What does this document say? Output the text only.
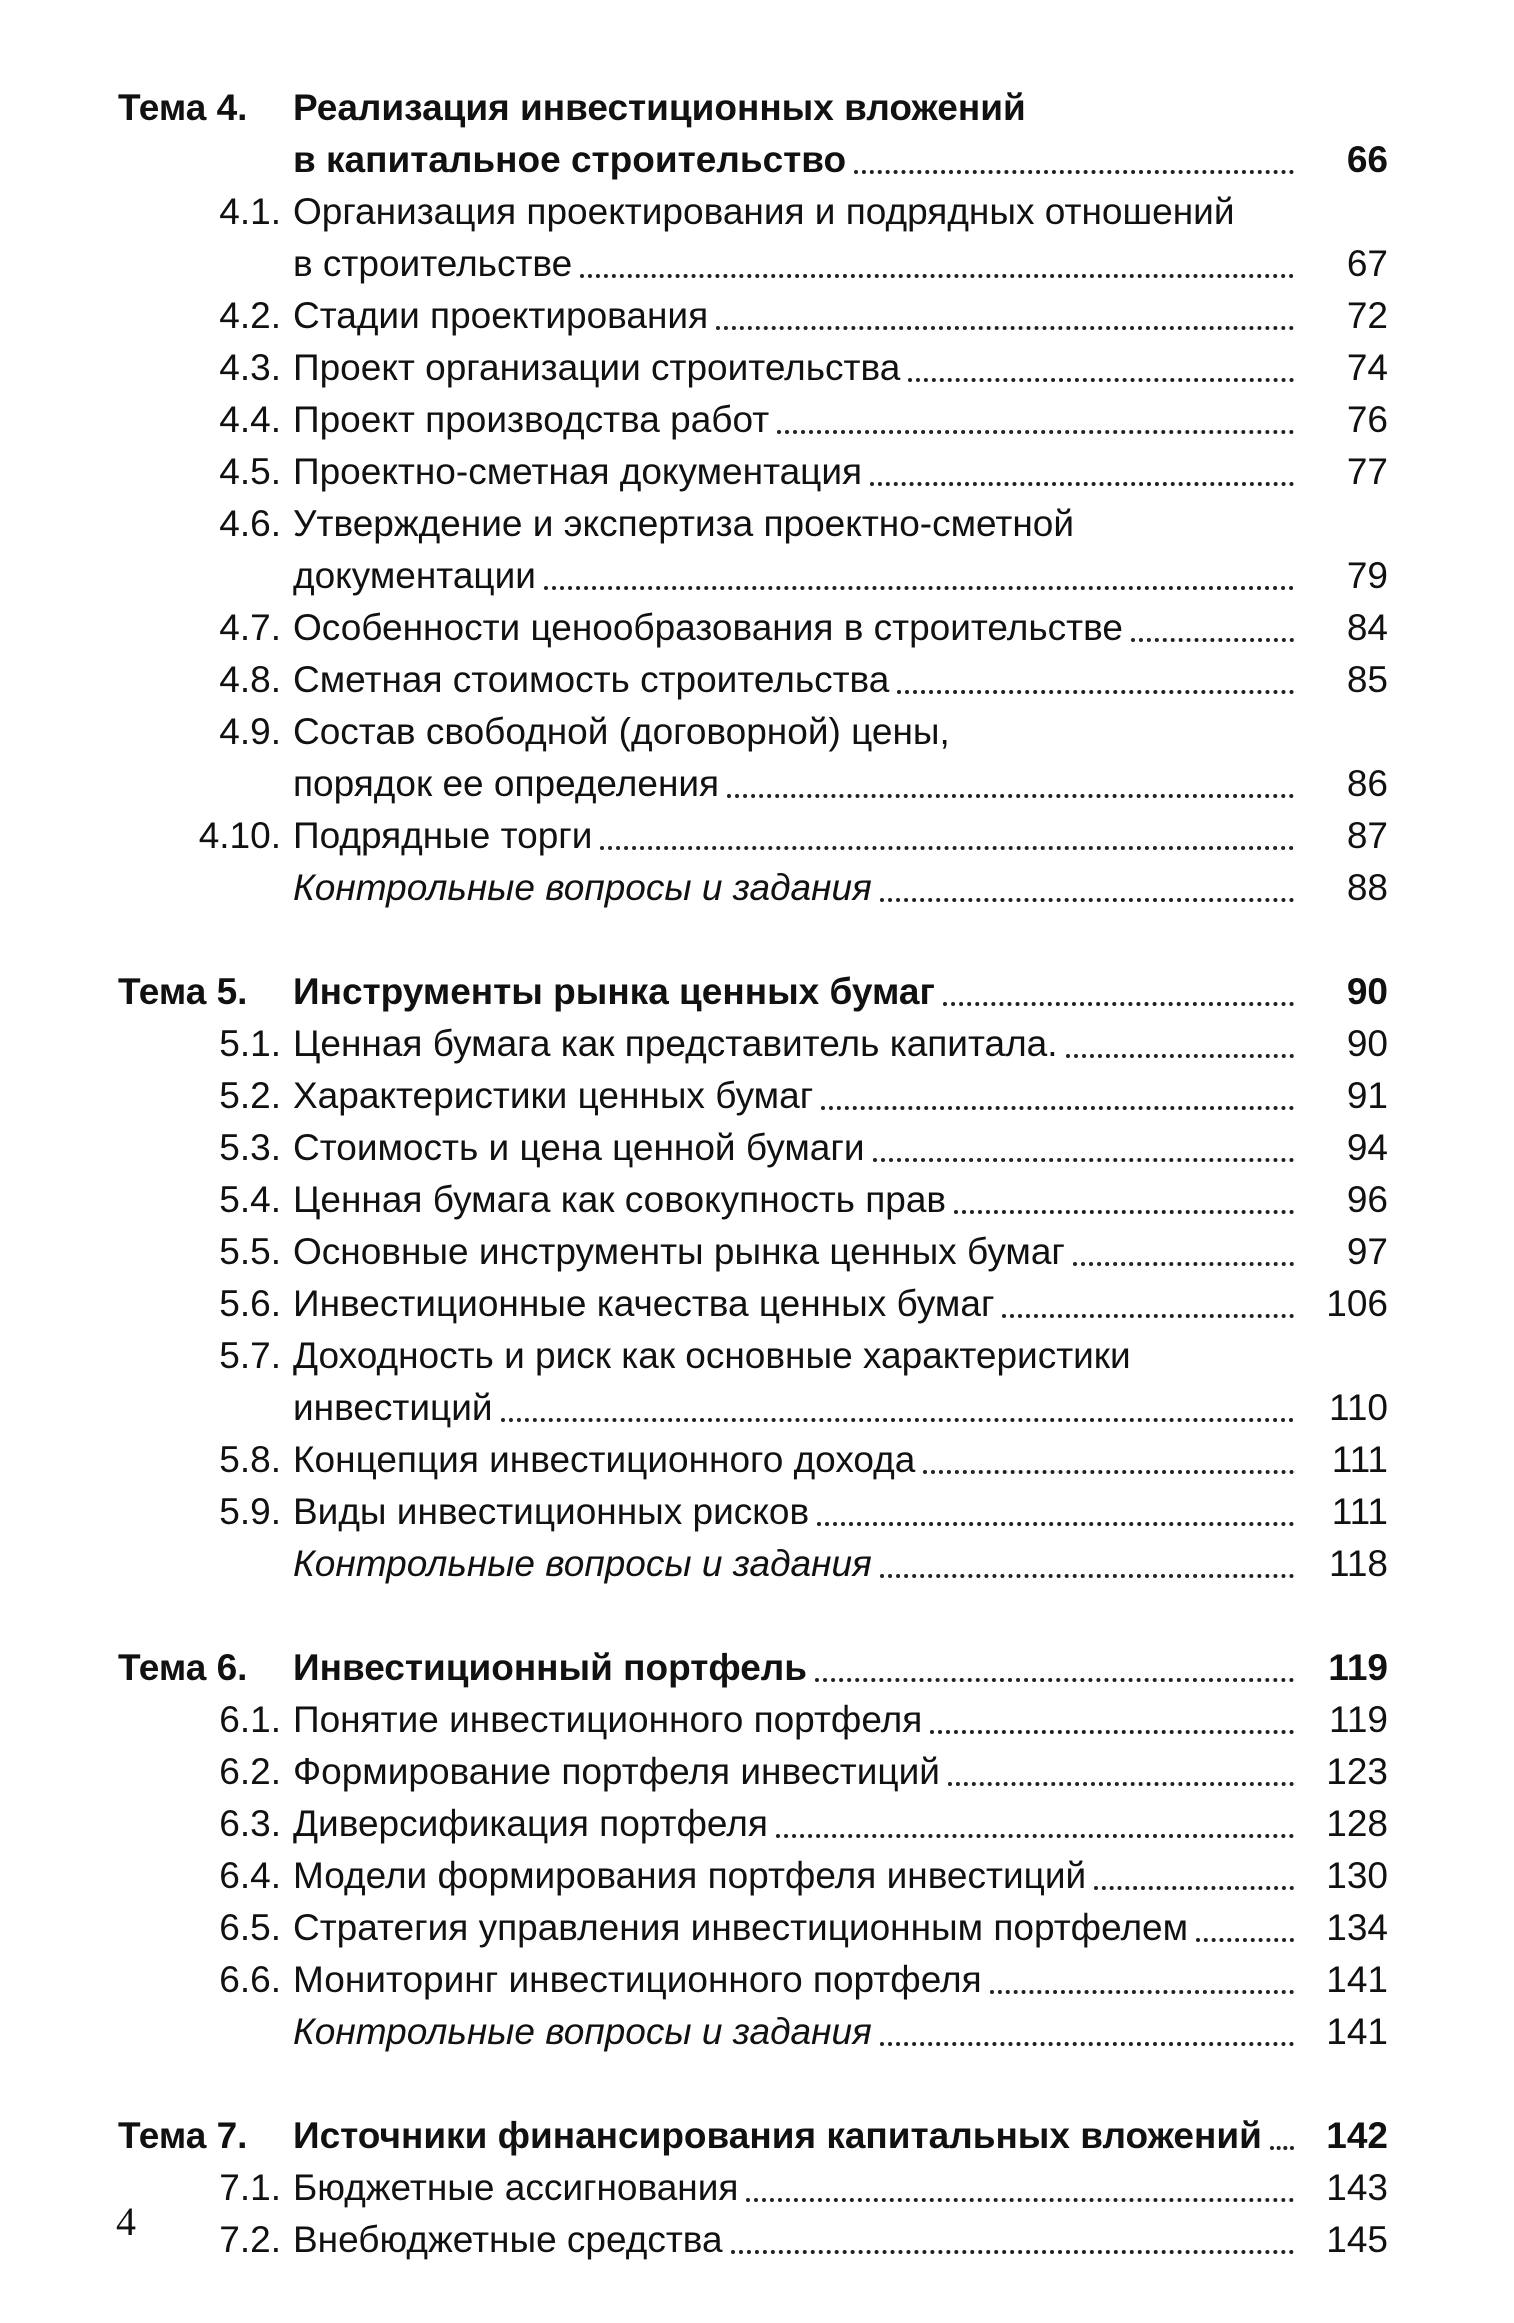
Тема 4.	Реализация инвестиционных вложений
в капитальное строительство	66
4.1. Организация проектирования и подрядных отношений
в строительстве	67
4.2. Стадии проектирования	72
4.3. Проект организации строительства	74
4.4. Проект производства работ	76
4.5. Проектно-сметная документация	77
4.6. Утверждение и экспертиза проектно-сметной
документации	79
4.7. Особенности ценообразования в строительстве	84
4.8. Сметная стоимость строительства	85
4.9. Состав свободной (договорной) цены,
порядок ее определения	86
4.10. Подрядные торги	87
Контрольные вопросы и задания	88
Тема 5.	Инструменты рынка ценных бумаг	90
5.1. Ценная бумага как представитель капитала.	90
5.2. Характеристики ценных бумаг	91
5.3. Стоимость и цена ценной бумаги	94
5.4. Ценная бумага как совокупность прав	96
5.5. Основные инструменты рынка ценных бумаг	97
5.6. Инвестиционные качества ценных бумаг	106
5.7. Доходность и риск как основные характеристики
инвестиций	110
5.8. Концепция инвестиционного дохода	111
5.9. Виды инвестиционных рисков	111
Контрольные вопросы и задания	118
Тема 6.	Инвестиционный портфель	119
6.1. Понятие инвестиционного портфеля	119
6.2. Формирование портфеля инвестиций	123
6.3. Диверсификация портфеля	128
6.4. Модели формирования портфеля инвестиций	130
6.5. Стратегия управления инвестиционным портфелем	134
6.6. Мониторинг инвестиционного портфеля	141
Контрольные вопросы и задания	141
Тема 7.	Источники финансирования капитальных вложений	142
7.1. Бюджетные ассигнования	143
7.2. Внебюджетные средства	145
4
